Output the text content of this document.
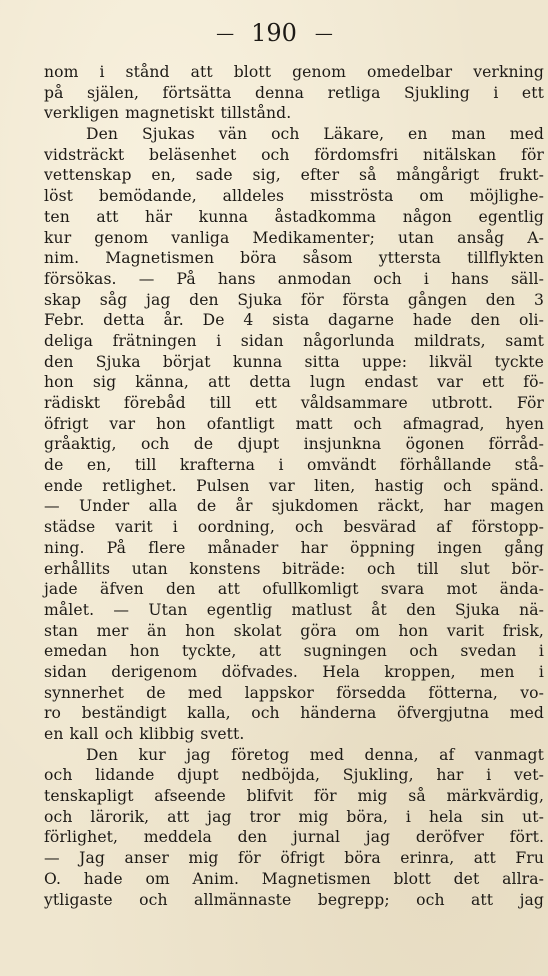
— 190 —
nom i stånd att blott genom omedelbar verkning
på själen, förtsätta denna retliga Sjukling i ett
verkligen magnetiskt tillstånd.
Den Sjukas vän och Läkare, en man med
vidsträckt beläsenhet och fördomsfri nitälskan för
vettenskap en, sade sig, efter så mångårigt frukt-
löst bemödande, alldeles misströsta om möjlighe-
ten att här kunna åstadkomma någon egentlig
kur genom vanliga Medikamenter; utan ansåg A-
nim. Magnetismen böra såsom yttersta tillflykten
försökas. — På hans anmodan och i hans säll-
skap såg jag den Sjuka för första gången den 3
Febr. detta år. De 4 sista dagarne hade den oli-
deliga frätningen i sidan någorlunda mildrats, samt
den Sjuka börjat kunna sitta uppe: likväl tyckte
hon sig känna, att detta lugn endast var ett fö-
rädiskt förebåd till ett våldsammare utbrott. För
öfrigt var hon ofantligt matt och afmagrad, hyen
gråaktig, och de djupt insjunkna ögonen förråd-
de en, till krafterna i omvändt förhållande stå-
ende retlighet. Pulsen var liten, hastig och spänd.
— Under alla de år sjukdomen räckt, har magen
städse varit i oordning, och besvärad af förstopp-
ning. På flere månader har öppning ingen gång
erhållits utan konstens biträde: och till slut bör-
jade äfven den att ofullkomligt svara mot ända-
målet. — Utan egentlig matlust åt den Sjuka nä-
stan mer än hon skolat göra om hon varit frisk,
emedan hon tyckte, att sugningen och svedan i
sidan derigenom döfvades. Hela kroppen, men i
synnerhet de med lappskor försedda fötterna, vo-
ro beständigt kalla, och händerna öfvergjutna med
en kall och klibbig svett.
Den kur jag företog med denna, af vanmagt
och lidande djupt nedböjda, Sjukling, har i vet-
tenskapligt afseende blifvit för mig så märkvärdig,
och lärorik, att jag tror mig böra, i hela sin ut-
förlighet, meddela den jurnal jag deröfver fört.
— Jag anser mig för öfrigt böra erinra, att Fru
O. hade om Anim. Magnetismen blott det allra-
ytligaste och allmännaste begrepp; och att jag
